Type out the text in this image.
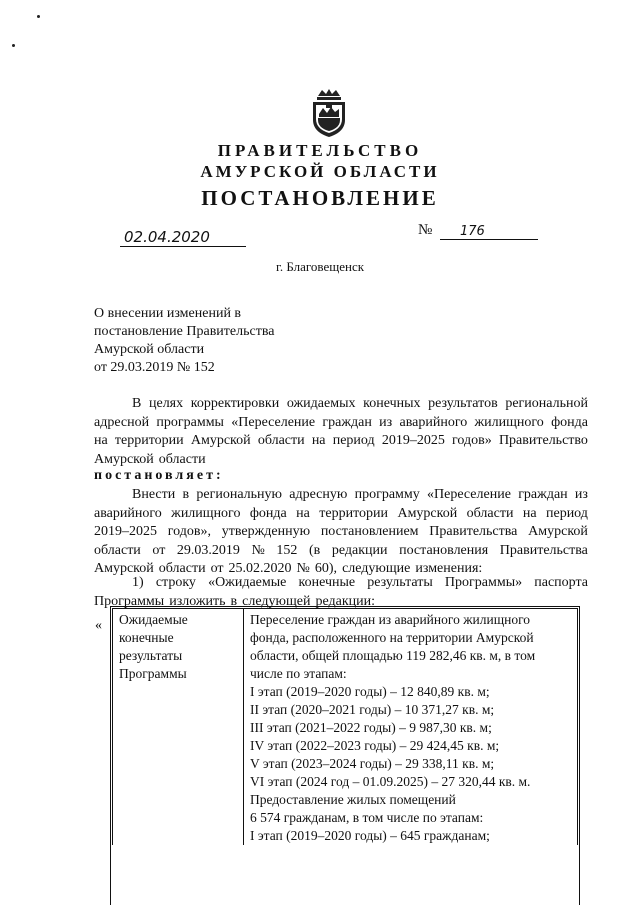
ПРАВИТЕЛЬСТВО
АМУРСКОЙ ОБЛАСТИ
ПОСТАНОВЛЕНИЕ
02.04.2020	№	176
г. Благовещенск
О внесении изменений в
постановление Правительства
Амурской области
от 29.03.2019 № 152
В целях корректировки ожидаемых конечных результатов региональной
адресной программы «Переселение граждан из аварийного жилищного фонда
на территории Амурской области на период 2019–2025 годов» Правительство
Амурской области
постановляет:
Внести в региональную адресную программу «Переселение граждан из
аварийного жилищного фонда на территории Амурской области на период
2019–2025 годов», утвержденную постановлением Правительства Амурской
области от 29.03.2019 № 152 (в редакции постановления Правительства
Амурской области от 25.02.2020 № 60), следующие изменения:
1) строку «Ожидаемые конечные результаты Программы» паспорта
Программы изложить в следующей редакции:
« Ожидаемые
конечные
результаты
Программы

Переселение граждан из аварийного жилищного
фонда, расположенного на территории Амурской
области, общей площадью 119 282,46 кв. м, в том
числе по этапам:
I этап (2019–2020 годы) – 12 840,89 кв. м;
II этап (2020–2021 годы) – 10 371,27 кв. м;
III этап (2021–2022 годы) – 9 987,30 кв. м;
IV этап (2022–2023 годы) – 29 424,45 кв. м;
V этап (2023–2024 годы) – 29 338,11 кв. м;
VI этап (2024 год – 01.09.2025) – 27 320,44 кв. м.
Предоставление жилых помещений
6 574 гражданам, в том числе по этапам:
I этап (2019–2020 годы) – 645 гражданам;
